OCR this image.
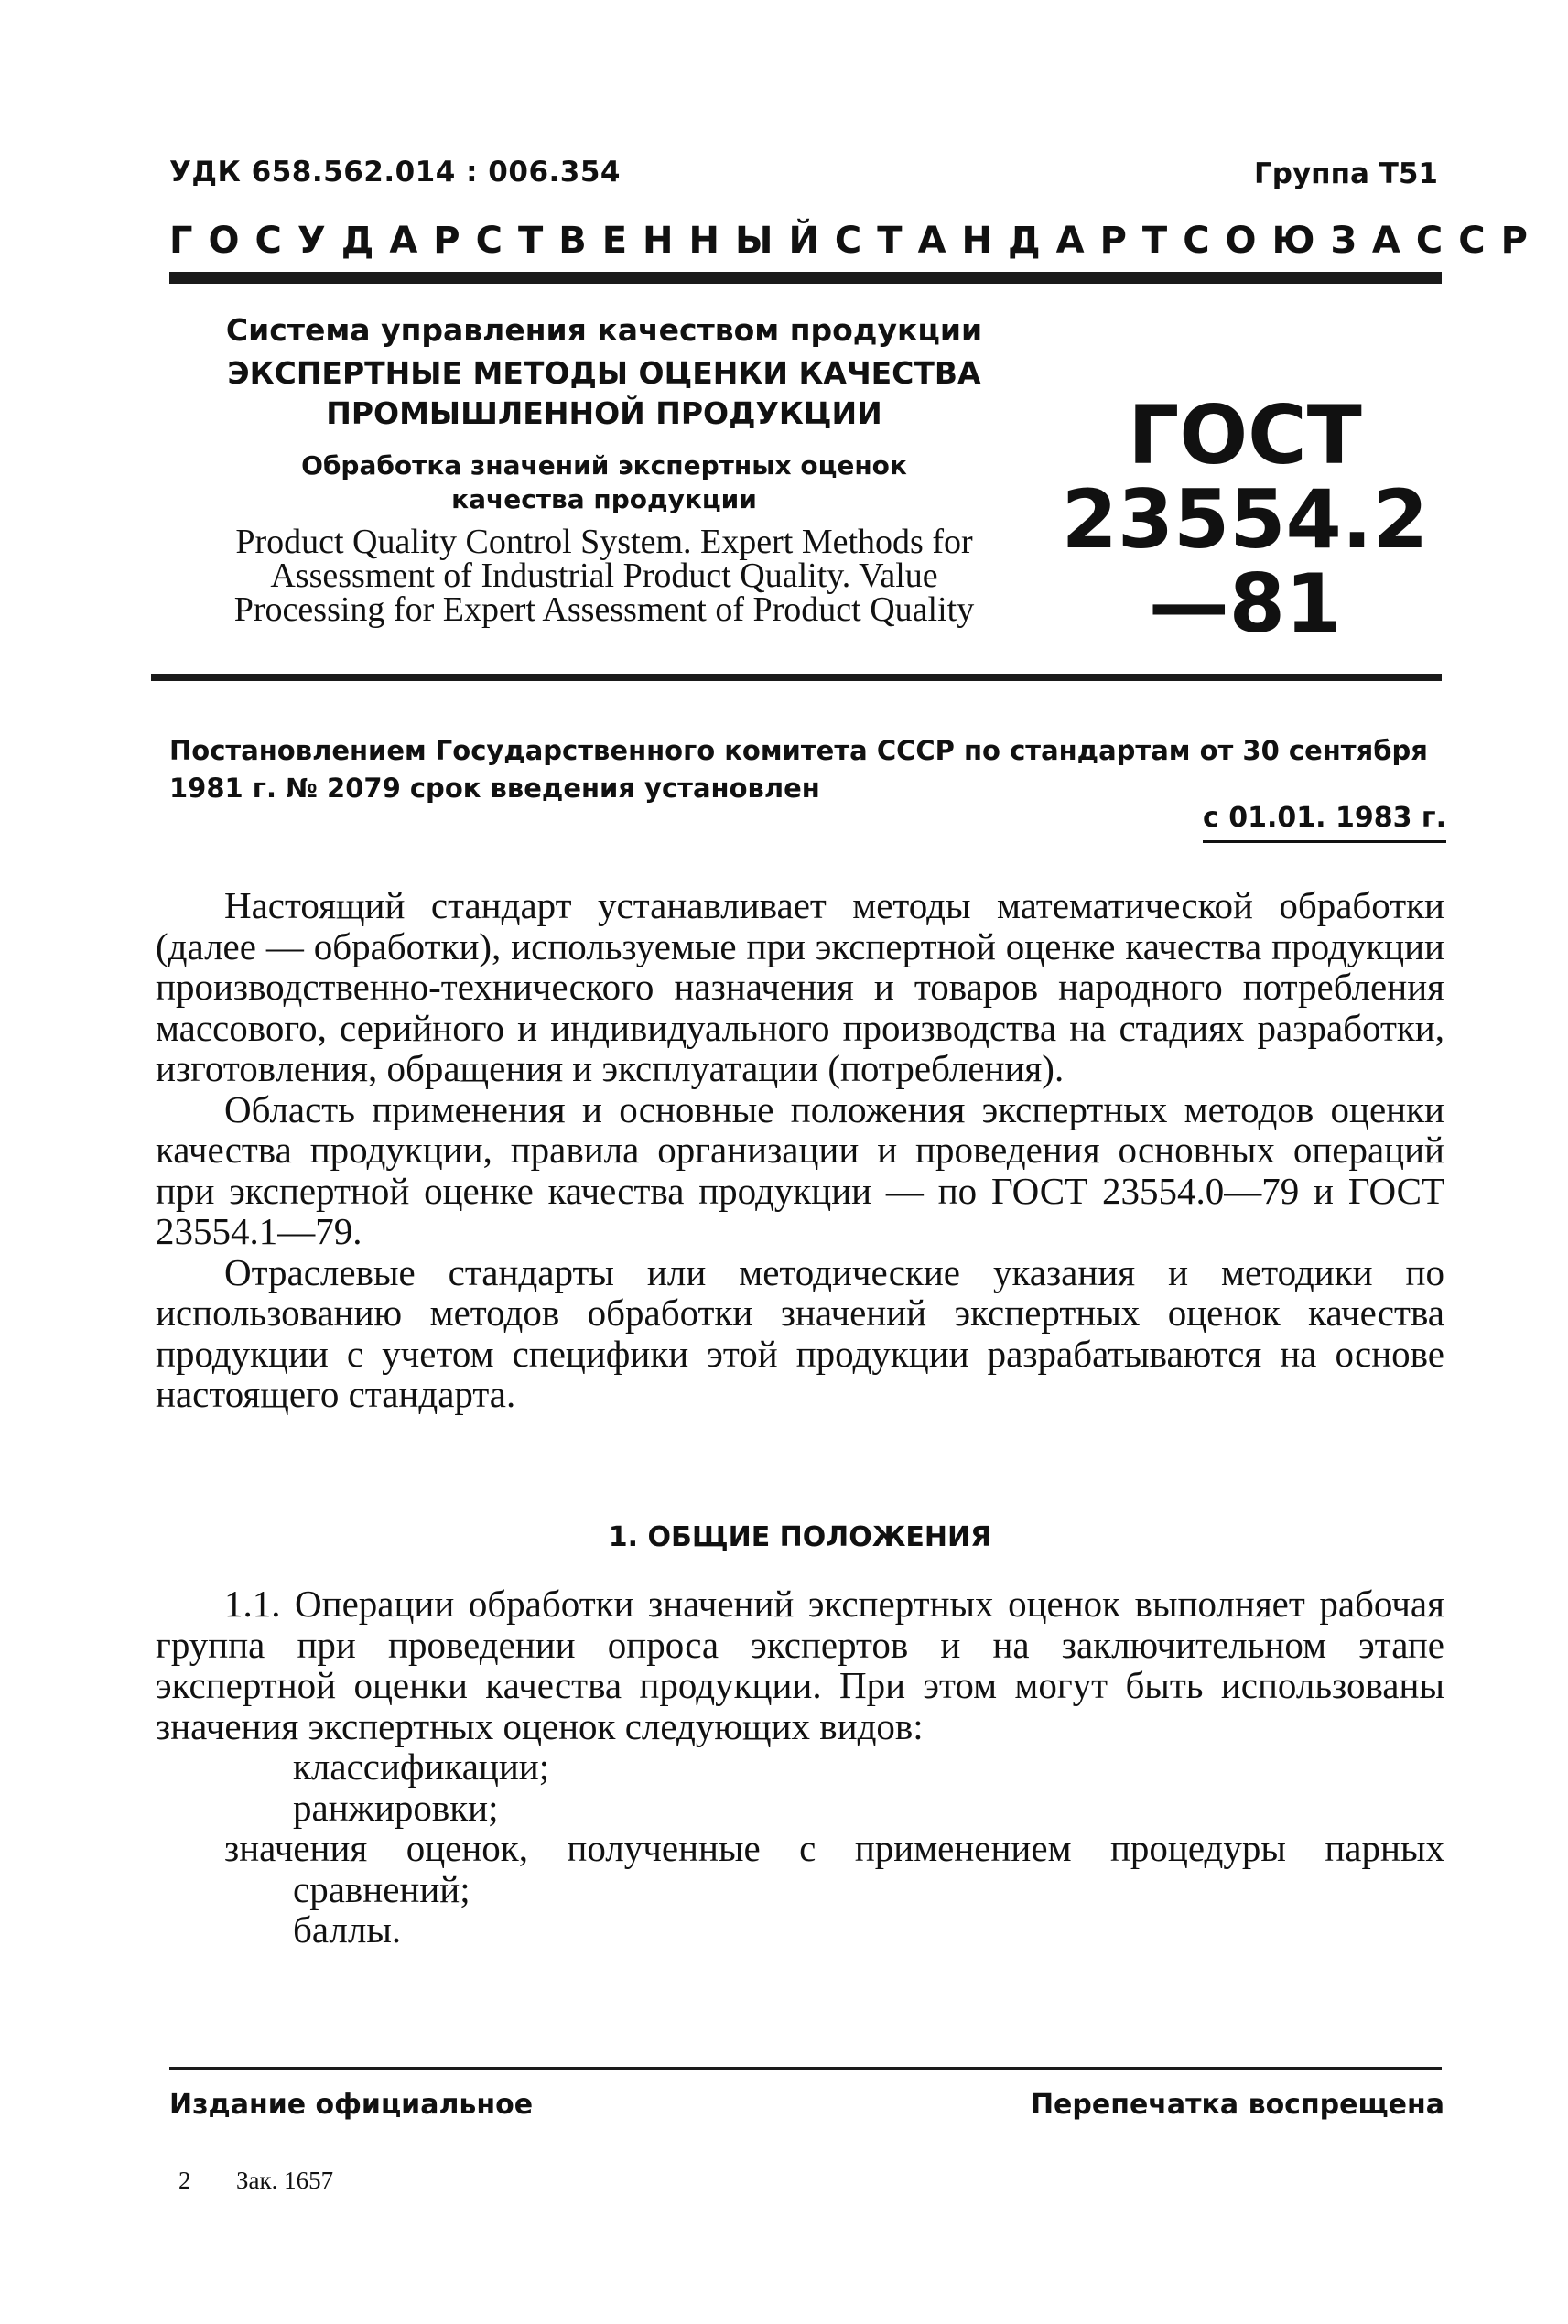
УДК 658.562.014 : 006.354	Группа Т51
ГОСУДАРСТВЕННЫЙ СТАНДАРТ СОЮЗА ССР
Система управления качеством продукции
ЭКСПЕРТНЫЕ МЕТОДЫ ОЦЕНКИ КАЧЕСТВА
ПРОМЫШЛЕННОЙ ПРОДУКЦИИ
Обработка значений экспертных оценок
качества продукции
Product Quality Control System. Expert Methods for
Assessment of Industrial Product Quality. Value
Processing for Expert Assessment of Product Quality
ГОСТ
23554.2—81
Постановлением Государственного комитета СССР по стандартам от 30 сентября 1981 г. № 2079 срок введения установлен
с 01.01. 1983 г.

Настоящий стандарт устанавливает методы математической обработки (далее — обработки), используемые при экспертной оценке качества продукции производственно-технического назначения и товаров народного потребления массового, серийного и индивидуального производства на стадиях разработки, изготовления, обращения и эксплуатации (потребления).

Область применения и основные положения экспертных методов оценки качества продукции, правила организации и проведения основных операций при экспертной оценке качества продукции — по ГОСТ 23554.0—79 и ГОСТ 23554.1—79.

Отраслевые стандарты или методические указания и методики по использованию методов обработки значений экспертных оценок качества продукции с учетом специфики этой продукции разрабатываются на основе настоящего стандарта.

1. ОБЩИЕ ПОЛОЖЕНИЯ

1.1. Операции обработки значений экспертных оценок выполняет рабочая группа при проведении опроса экспертов и на заключительном этапе экспертной оценки качества продукции. При этом могут быть использованы значения экспертных оценок следующих видов:

классификации;

ранжировки;

значения оценок, полученные с применением процедуры парных сравнений;

баллы.

Издание официальное	Перепечатка воспрещена
2 Зак. 1657
